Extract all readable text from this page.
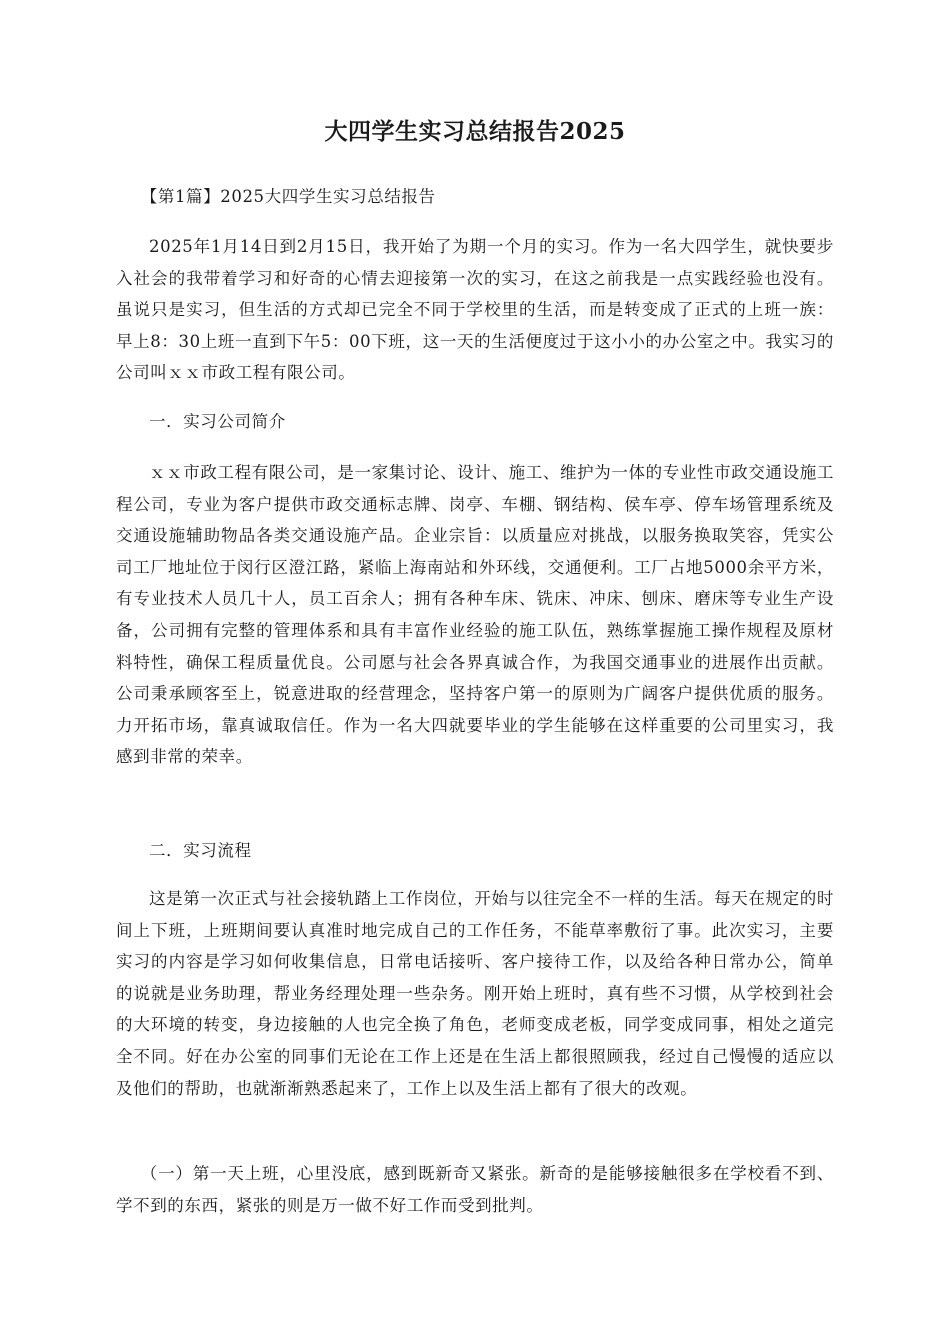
大四学生实习总结报告2025

【第1篇】2025大四学生实习总结报告

2025年1月14日到2月15日，我开始了为期一个月的实习。作为一名大四学生，就快要步入社会的我带着学习和好奇的心情去迎接第一次的实习，在这之前我是一点实践经验也没有。虽说只是实习，但生活的方式却已完全不同于学校里的生活，而是转变成了正式的上班一族：早上8：30上班一直到下午5：00下班，这一天的生活便度过于这小小的办公室之中。我实习的公司叫ｘｘ市政工程有限公司。

一．实习公司简介

ｘｘ市政工程有限公司，是一家集讨论、设计、施工、维护为一体的专业性市政交通设施工程公司，专业为客户提供市政交通标志牌、岗亭、车棚、钢结构、侯车亭、停车场管理系统及交通设施辅助物品各类交通设施产品。企业宗旨：以质量应对挑战，以服务换取笑容，凭实公司工厂地址位于闵行区澄江路，紧临上海南站和外环线，交通便利。工厂占地5000余平方米，有专业技术人员几十人，员工百余人；拥有各种车床、铣床、冲床、刨床、磨床等专业生产设备，公司拥有完整的管理体系和具有丰富作业经验的施工队伍，熟练掌握施工操作规程及原材料特性，确保工程质量优良。公司愿与社会各界真诚合作，为我国交通事业的进展作出贡献。公司秉承顾客至上，锐意进取的经营理念，坚持客户第一的原则为广阔客户提供优质的服务。力开拓市场，靠真诚取信任。作为一名大四就要毕业的学生能够在这样重要的公司里实习，我感到非常的荣幸。

二．实习流程

这是第一次正式与社会接轨踏上工作岗位，开始与以往完全不一样的生活。每天在规定的时间上下班，上班期间要认真准时地完成自己的工作任务，不能草率敷衍了事。此次实习，主要实习的内容是学习如何收集信息，日常电话接听、客户接待工作，以及给各种日常办公，简单的说就是业务助理，帮业务经理处理一些杂务。刚开始上班时，真有些不习惯，从学校到社会的大环境的转变，身边接触的人也完全换了角色，老师变成老板，同学变成同事，相处之道完全不同。好在办公室的同事们无论在工作上还是在生活上都很照顾我，经过自己慢慢的适应以及他们的帮助，也就渐渐熟悉起来了，工作上以及生活上都有了很大的改观。

（一）第一天上班，心里没底，感到既新奇又紧张。新奇的是能够接触很多在学校看不到、学不到的东西，紧张的则是万一做不好工作而受到批判。
